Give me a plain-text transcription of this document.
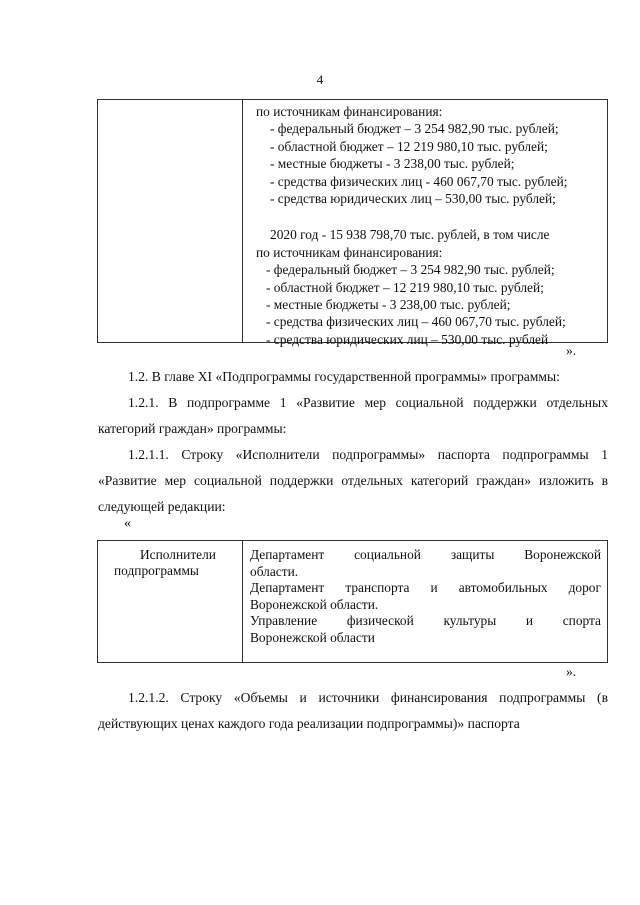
4
по источникам финансирования:
- федеральный бюджет – 3 254 982,90 тыс. рублей;
- областной бюджет – 12 219 980,10 тыс. рублей;
- местные бюджеты - 3 238,00 тыс. рублей;
- средства физических лиц - 460 067,70 тыс. рублей;
- средства юридических лиц – 530,00 тыс. рублей;
2020 год - 15 938 798,70 тыс. рублей, в том числе
по источникам финансирования:
- федеральный бюджет – 3 254 982,90 тыс. рублей;
- областной бюджет – 12 219 980,10 тыс. рублей;
- местные бюджеты - 3 238,00 тыс. рублей;
- средства физических лиц – 460 067,70 тыс. рублей;
- средства юридических лиц – 530,00 тыс. рублей
».
1.2. В главе XI «Подпрограммы государственной программы» программы:
1.2.1. В подпрограмме 1 «Развитие мер социальной поддержки отдельных категорий граждан» программы:
1.2.1.1. Строку «Исполнители подпрограммы» паспорта подпрограммы 1 «Развитие мер социальной поддержки отдельных категорий граждан» изложить в следующей редакции:
«
Исполнители
подпрограммы
Департамент социальной защиты Воронежской
области.
Департамент транспорта и автомобильных дорог
Воронежской области.
Управление физической культуры и спорта
Воронежской области
».
1.2.1.2. Строку «Объемы и источники финансирования подпрограммы (в действующих ценах каждого года реализации подпрограммы)» паспорта
